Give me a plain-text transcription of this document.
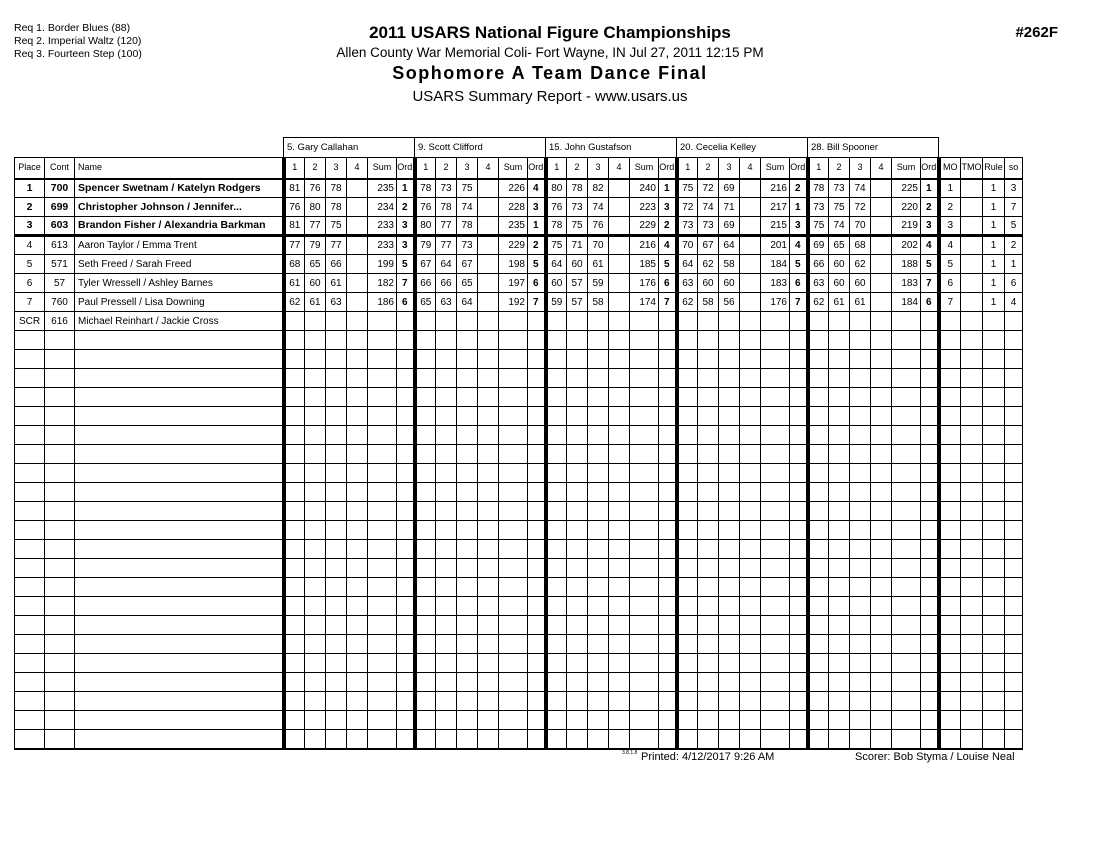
Req 1. Border Blues (88)
Req 2. Imperial Waltz (120)
Req 3. Fourteen Step (100)
2011 USARS National Figure Championships	#262F
Allen County War Memorial Coli- Fort Wayne, IN Jul 27, 2011 12:15 PM
Sophomore A Team Dance Final
USARS Summary Report - www.usars.us
			5. Gary Callahan						9. Scott Clifford						15. John Gustafson						20. Cecelia Kelley						28. Bill Spooner									
Place	Cont	Name	1	2	3	4	Sum	Ord	1	2	3	4	Sum	Ord	1	2	3	4	Sum	Ord	1	2	3	4	Sum	Ord	1	2	3	4	Sum	Ord	MO	TMO	Rule	so
1	700	Spencer Swetnam / Katelyn Rodgers	81	76	78		235	1	78	73	75		226	4	80	78	82		240	1	75	72	69		216	2	78	73	74		225	1	1		1	3
2	699	Christopher Johnson / Jennifer...	76	80	78		234	2	76	78	74		228	3	76	73	74		223	3	72	74	71		217	1	73	75	72		220	2	2		1	7
3	603	Brandon Fisher / Alexandria Barkman	81	77	75		233	3	80	77	78		235	1	78	75	76		229	2	73	73	69		215	3	75	74	70		219	3	3		1	5
4	613	Aaron Taylor / Emma Trent	77	79	77		233	3	79	77	73		229	2	75	71	70		216	4	70	67	64		201	4	69	65	68		202	4	4		1	2
5	571	Seth Freed / Sarah Freed	68	65	66		199	5	67	64	67		198	5	64	60	61		185	5	64	62	58		184	5	66	60	62		188	5	5		1	1
6	57	Tyler Wressell / Ashley Barnes	61	60	61		182	7	66	66	65		197	6	60	57	59		176	6	63	60	60		183	6	63	60	60		183	7	6		1	6
7	760	Paul Pressell / Lisa Downing	62	61	63		186	6	65	63	64		192	7	59	57	58		174	7	62	58	56		176	7	62	61	61		184	6	7		1	4
SCR	616	Michael Reinhart / Jackie Cross																																		

3.8.1.8 Printed: 4/12/2017 9:26 AM	Scorer: Bob Styma / Louise Neal
